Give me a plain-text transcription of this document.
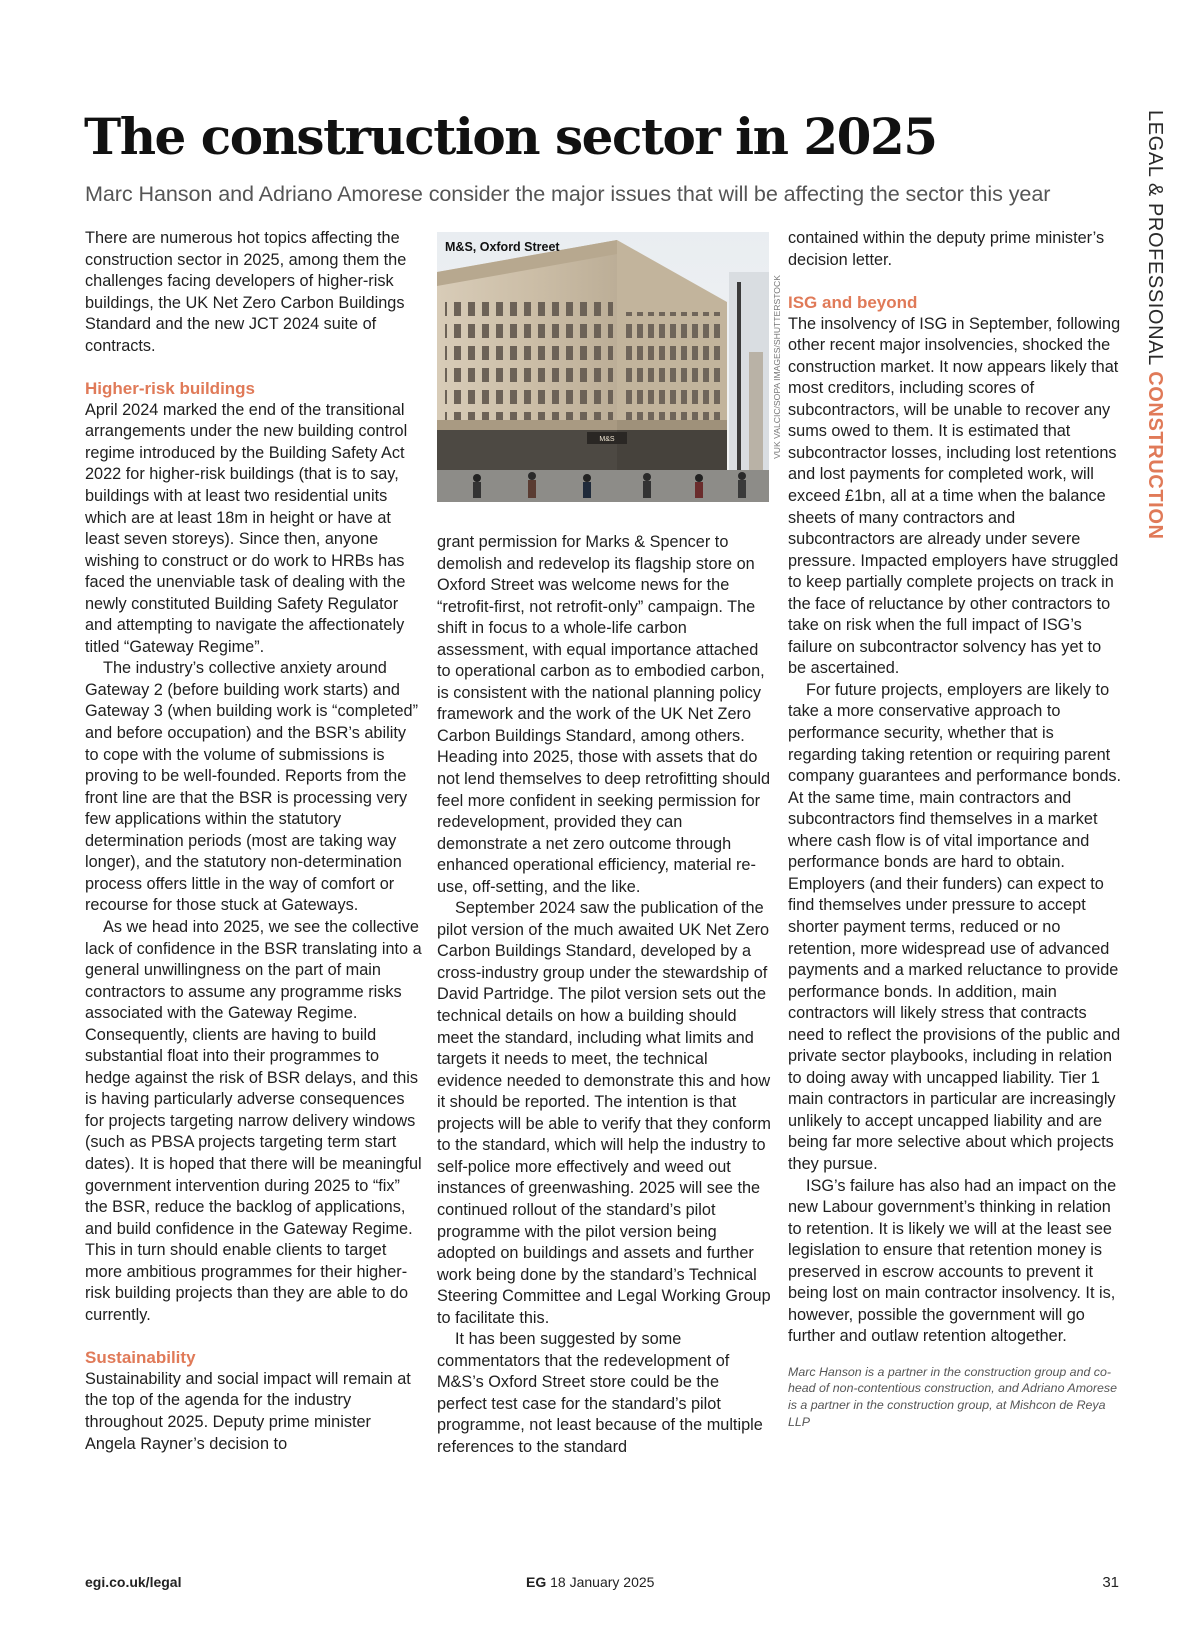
The construction sector in 2025

Marc Hanson and Adriano Amorese consider the major issues that will be affecting the sector this year	LEGAL & PROFESSIONAL CONSTRUCTION

There are numerous hot topics affecting the construction sector in 2025, among them the challenges facing developers of higher-risk buildings, the UK Net Zero Carbon Buildings Standard and the new JCT 2024 suite of contracts.

Higher-risk buildings

April 2024 marked the end of the transitional arrangements under the new building control regime introduced by the Building Safety Act 2022 for higher-risk buildings (that is to say, buildings with at least two residential units which are at least 18m in height or have at least seven storeys). Since then, anyone wishing to construct or do work to HRBs has faced the unenviable task of dealing with the newly constituted Building Safety Regulator and attempting to navigate the affectionately titled “Gateway Regime”.

The industry’s collective anxiety around Gateway 2 (before building work starts) and Gateway 3 (when building work is “completed” and before occupation) and the BSR’s ability to cope with the volume of submissions is proving to be well-founded. Reports from the front line are that the BSR is processing very few applications within the statutory determination periods (most are taking way longer), and the statutory non-determination process offers little in the way of comfort or recourse for those stuck at Gateways.

As we head into 2025, we see the collective lack of confidence in the BSR translating into a general unwillingness on the part of main contractors to assume any programme risks associated with the Gateway Regime. Consequently, clients are having to build substantial float into their programmes to hedge against the risk of BSR delays, and this is having particularly adverse consequences for projects targeting narrow delivery windows (such as PBSA projects targeting term start dates). It is hoped that there will be meaningful government intervention during 2025 to “fix” the BSR, reduce the backlog of applications, and build confidence in the Gateway Regime. This in turn should enable clients to target more ambitious programmes for their higher-risk building projects than they are able to do currently.

Sustainability

Sustainability and social impact will remain at the top of the agenda for the industry throughout 2025. Deputy prime minister Angela Rayner’s decision to

M&S
M&S, Oxford Street
VUK VALCIC/SOPA IMAGES/SHUTTERSTOCK

grant permission for Marks & Spencer to demolish and redevelop its flagship store on Oxford Street was welcome news for the “retrofit-first, not retrofit-only” campaign. The shift in focus to a whole-life carbon assessment, with equal importance attached to operational carbon as to embodied carbon, is consistent with the national planning policy framework and the work of the UK Net Zero Carbon Buildings Standard, among others. Heading into 2025, those with assets that do not lend themselves to deep retrofitting should feel more confident in seeking permission for redevelopment, provided they can demonstrate a net zero outcome through enhanced operational efficiency, material re-use, off-setting, and the like.

September 2024 saw the publication of the pilot version of the much awaited UK Net Zero Carbon Buildings Standard, developed by a cross-industry group under the stewardship of David Partridge. The pilot version sets out the technical details on how a building should meet the standard, including what limits and targets it needs to meet, the technical evidence needed to demonstrate this and how it should be reported. The intention is that projects will be able to verify that they conform to the standard, which will help the industry to self-police more effectively and weed out instances of greenwashing. 2025 will see the continued rollout of the standard’s pilot programme with the pilot version being adopted on buildings and assets and further work being done by the standard’s Technical Steering Committee and Legal Working Group to facilitate this.

It has been suggested by some commentators that the redevelopment of M&S’s Oxford Street store could be the perfect test case for the standard’s pilot programme, not least because of the multiple references to the standard

contained within the deputy prime minister’s decision letter.

ISG and beyond

The insolvency of ISG in September, following other recent major insolvencies, shocked the construction market. It now appears likely that most creditors, including scores of subcontractors, will be unable to recover any sums owed to them. It is estimated that subcontractor losses, including lost retentions and lost payments for completed work, will exceed £1bn, all at a time when the balance sheets of many contractors and subcontractors are already under severe pressure. Impacted employers have struggled to keep partially complete projects on track in the face of reluctance by other contractors to take on risk when the full impact of ISG’s failure on subcontractor solvency has yet to be ascertained.

For future projects, employers are likely to take a more conservative approach to performance security, whether that is regarding taking retention or requiring parent company guarantees and performance bonds. At the same time, main contractors and subcontractors find themselves in a market where cash flow is of vital importance and performance bonds are hard to obtain. Employers (and their funders) can expect to find themselves under pressure to accept shorter payment terms, reduced or no retention, more widespread use of advanced payments and a marked reluctance to provide performance bonds. In addition, main contractors will likely stress that contracts need to reflect the provisions of the public and private sector playbooks, including in relation to doing away with uncapped liability. Tier 1 main contractors in particular are increasingly unlikely to accept uncapped liability and are being far more selective about which projects they pursue.

ISG’s failure has also had an impact on the new Labour government’s thinking in relation to retention. It is likely we will at the least see legislation to ensure that retention money is preserved in escrow accounts to prevent it being lost on main contractor insolvency. It is, however, possible the government will go further and outlaw retention altogether.

Marc Hanson is a partner in the construction group and co-head of non-contentious construction, and Adriano Amorese is a partner in the construction group, at Mishcon de Reya LLP

egi.co.uk/legal	EG 18 January 2025	31
